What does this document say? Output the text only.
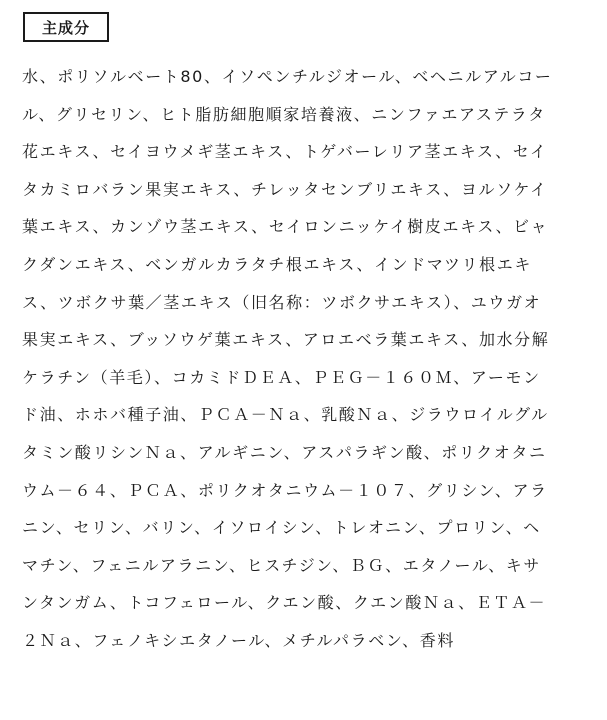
主成分
水、ポリソルベート80、イソペンチルジオール、ベヘニルアルコー
ル、グリセリン、ヒト脂肪細胞順家培養液、ニンファエアステラタ
花エキス、セイヨウメギ茎エキス、トゲバーレリア茎エキス、セイ
タカミロバラン果実エキス、チレッタセンブリエキス、ヨルソケイ
葉エキス、カンゾウ茎エキス、セイロンニッケイ樹皮エキス、ビャ
クダンエキス、ベンガルカラタチ根エキス、インドマツリ根エキ
ス、ツボクサ葉／茎エキス（旧名称：ツボクサエキス）、ユウガオ
果実エキス、ブッソウゲ葉エキス、アロエベラ葉エキス、加水分解
ケラチン（羊毛）、コカミドＤＥＡ、ＰＥＧ－１６０Ｍ、アーモン
ド油、ホホバ種子油、ＰＣＡ－Ｎａ、乳酸Ｎａ、ジラウロイルグル
タミン酸リシンＮａ、アルギニン、アスパラギン酸、ポリクオタニ
ウム－６４、ＰＣＡ、ポリクオタニウム－１０７、グリシン、アラ
ニン、セリン、バリン、イソロイシン、トレオニン、プロリン、ヘ
マチン、フェニルアラニン、ヒスチジン、ＢＧ、エタノール、キサ
ンタンガム、トコフェロール、クエン酸、クエン酸Ｎａ、ＥＴＡ－
２Ｎａ、フェノキシエタノール、メチルパラベン、香料
